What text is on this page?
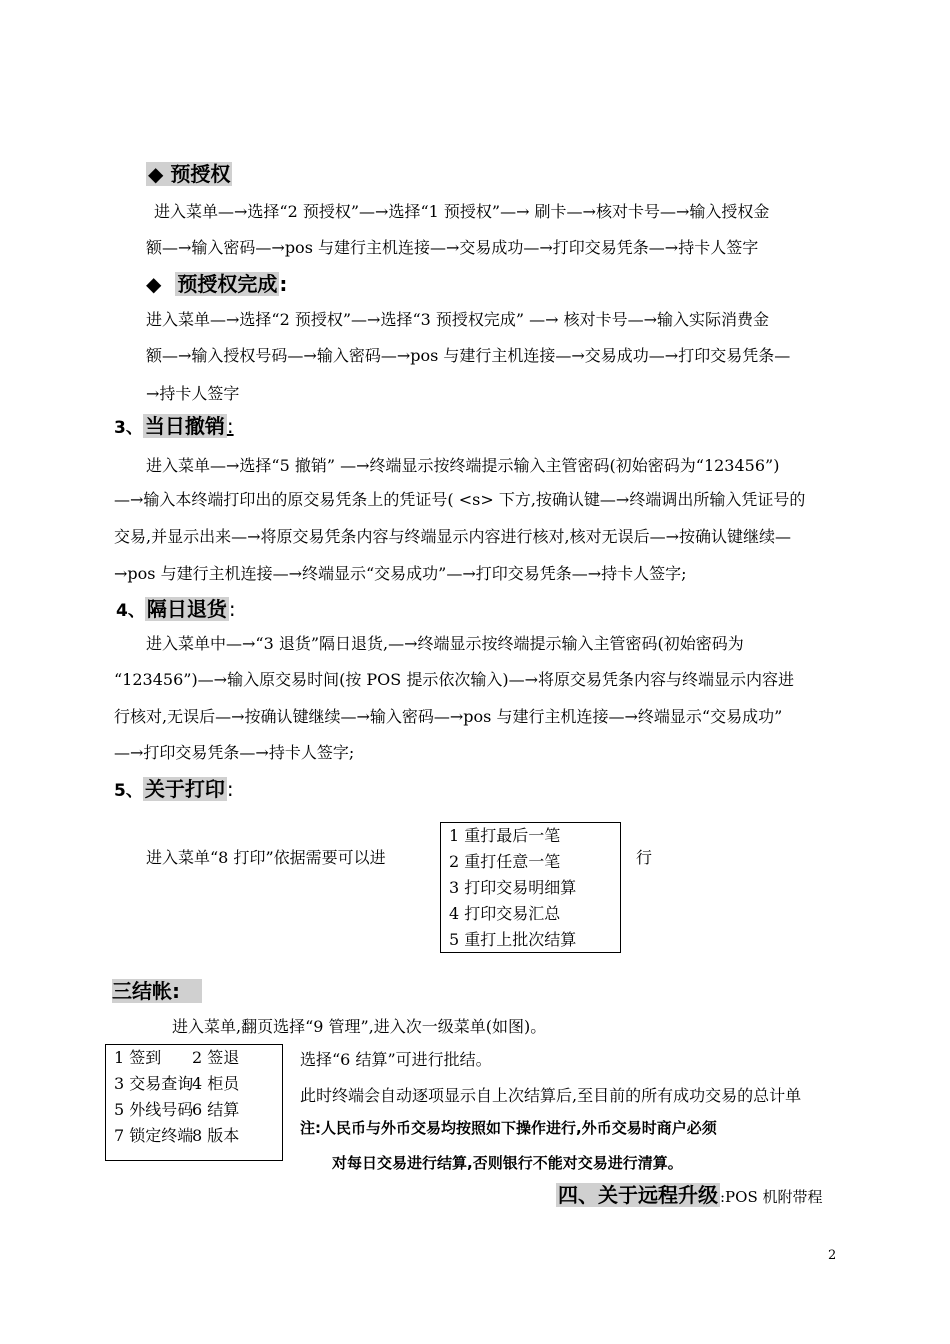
◆ 预授权
进入菜单—→选择“2 预授权”—→选择“1 预授权”—→ 刷卡—→核对卡号—→输入授权金
额—→输入密码—→pos 与建行主机连接—→交易成功—→打印交易凭条—→持卡人签字
◆ 预授权完成 :
进入菜单—→选择“2 预授权”—→选择“3 预授权完成” —→ 核对卡号—→输入实际消费金
额—→输入授权号码—→输入密码—→pos 与建行主机连接—→交易成功—→打印交易凭条—
→持卡人签字
3、 当日撤销 :
进入菜单—→选择“5 撤销” —→终端显示按终端提示输入主管密码(初始密码为“123456”)
—→输入本终端打印出的原交易凭条上的凭证号( <s> 下方,按确认键—→终端调出所输入凭证号的
交易,并显示出来—→将原交易凭条内容与终端显示内容进行核对,核对无误后—→按确认键继续—
→pos 与建行主机连接—→终端显示“交易成功”—→打印交易凭条—→持卡人签字;
4、 隔日退货 :
进入菜单中—→“3 退货”隔日退货,—→终端显示按终端提示输入主管密码(初始密码为
“123456”)—→输入原交易时间(按 POS 提示依次输入)—→将原交易凭条内容与终端显示内容进
行核对,无误后—→按确认键继续—→输入密码—→pos 与建行主机连接—→终端显示“交易成功”
—→打印交易凭条—→持卡人签字;
5、 关于打印 :
进入菜单“8 打印”依据需要可以进
1 重打最后一笔
2 重打任意一笔
3 打印交易明细算
4 打印交易汇总
5 重打上批次结算
行
三结帐:
进入菜单,翻页选择“9 管理”,进入次一级菜单(如图)。
1 签到
3 交易查询
5 外线号码
7 锁定终端
2 签退
4 柜员
6 结算
8 版本
选择“6 结算”可进行批结。
此时终端会自动逐项显示自上次结算后,至目前的所有成功交易的总计单
注:人民币与外币交易均按照如下操作进行,外币交易时商户必须
对每日交易进行结算,否则银行不能对交易进行清算。
四、关于远程升级 :POS 机附带程
2
